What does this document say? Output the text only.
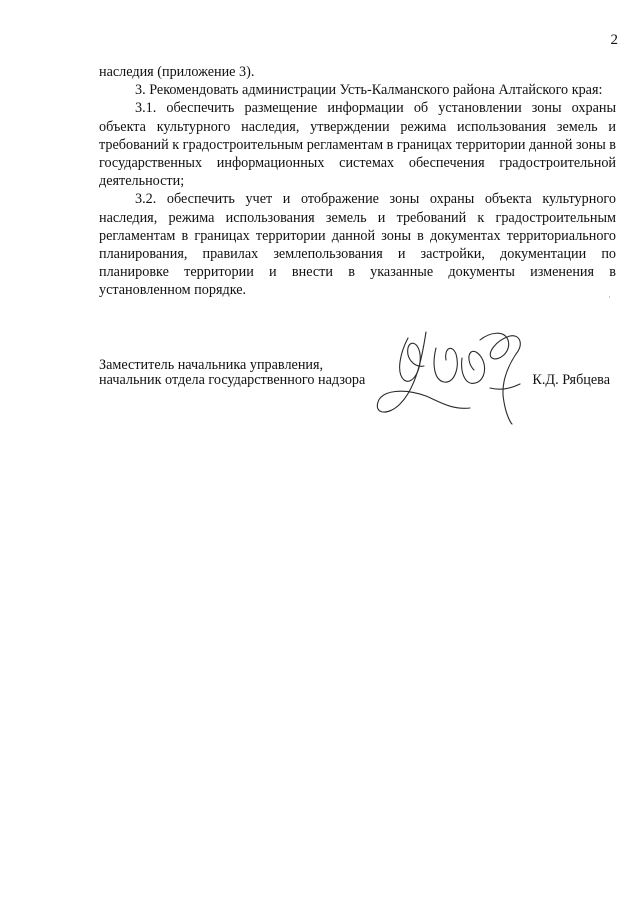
2

наследия (приложение 3).

3. Рекомендовать администрации Усть-Калманского района Алтайского края:

3.1. обеспечить размещение информации об установлении зоны охраны объекта культурного наследия, утверждении режима использования земель и требований к градостроительным регламентам в границах территории данной зоны в государственных информационных системах обеспечения градостроительной деятельности;

3.2. обеспечить учет и отображение зоны охраны объекта культурного наследия, режима использования земель и требований к градостроительным регламентам в границах территории данной зоны в документах территориального планирования, правилах землепользования и застройки, документации по планировке территории и внести в указанные документы изменения в установленном порядке.	·
Заместитель начальника управления,
начальник отдела государственного надзора	К.Д. Рябцева
